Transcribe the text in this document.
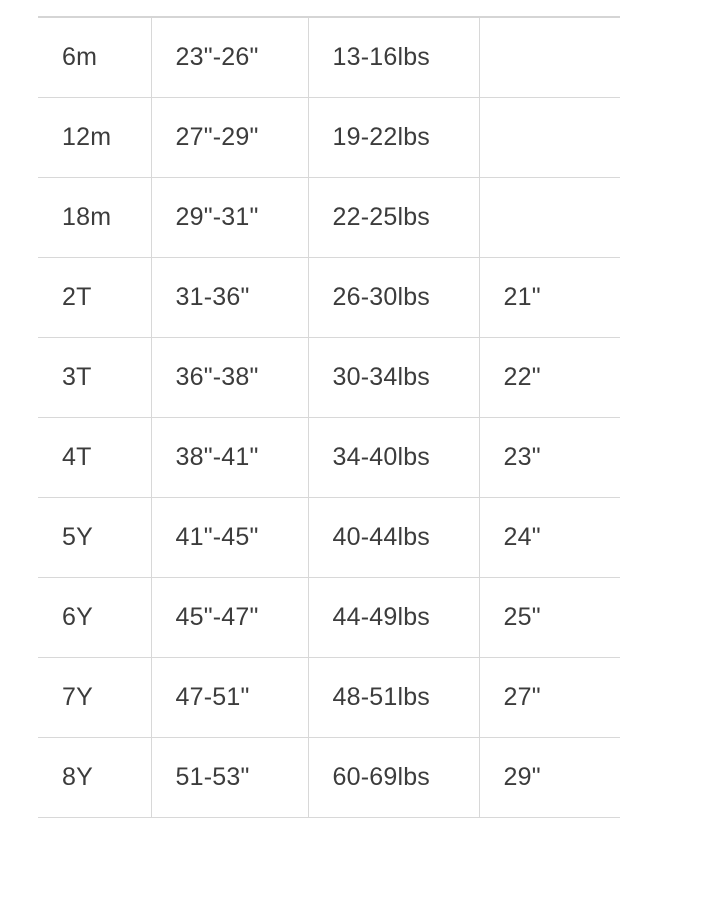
6m	23"-26"	13-16lbs	
12m	27"-29"	19-22lbs	
18m	29"-31"	22-25lbs	
2T	31-36"	26-30lbs	21"
3T	36"-38"	30-34lbs	22"
4T	38"-41"	34-40lbs	23"
5Y	41"-45"	40-44lbs	24"
6Y	45"-47"	44-49lbs	25"
7Y	47-51"	48-51lbs	27"
8Y	51-53"	60-69lbs	29"
